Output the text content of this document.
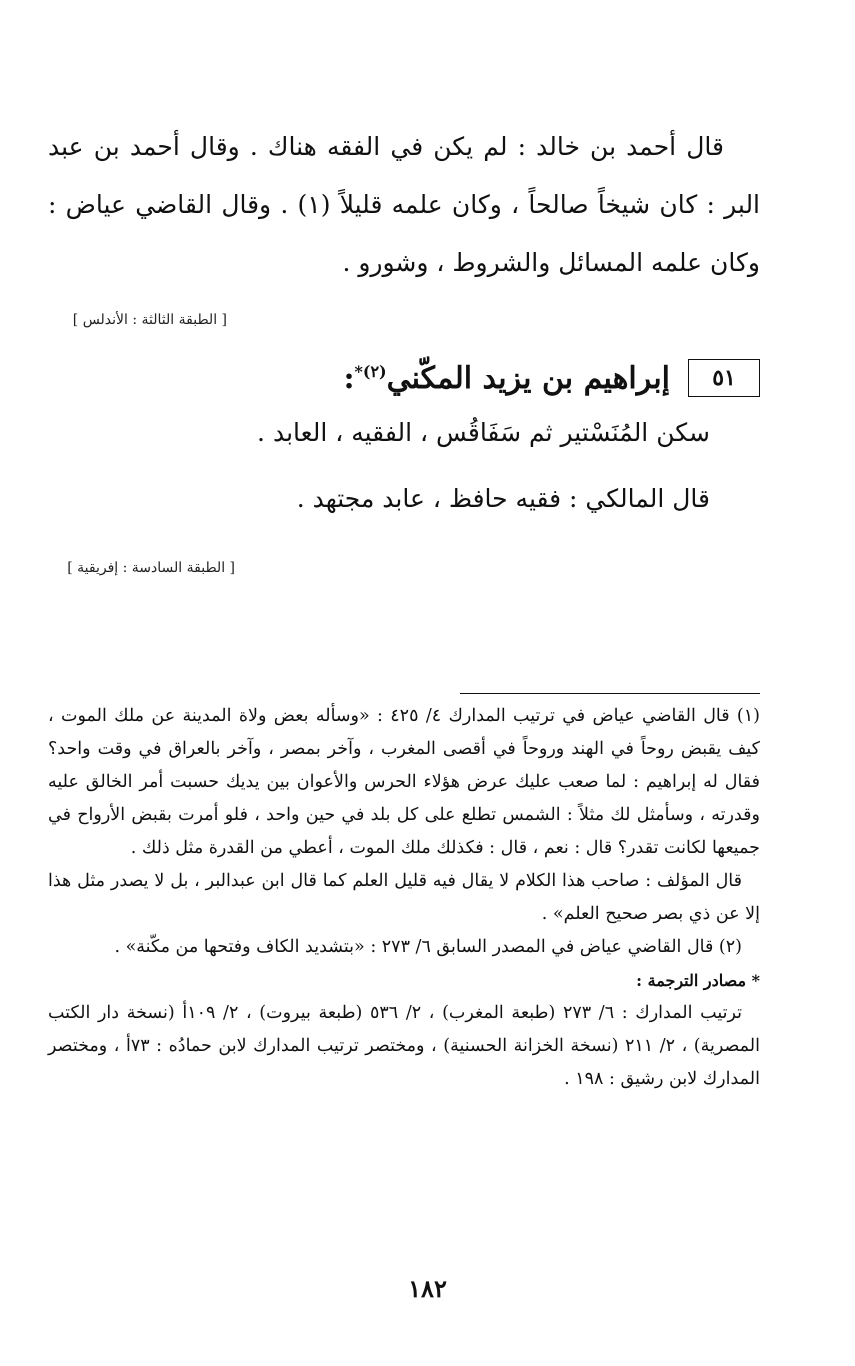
قال أحمد بن خالد : لم يكن في الفقه هناك . وقال أحمد بن عبد البر : كان شيخاً صالحاً ، وكان علمه قليلاً (١) . وقال القاضي عياض : وكان علمه المسائل والشروط ، وشورو .

[ الطبقة الثالثة : الأندلس ]
٥١
إبراهيم بن يزيد المكّني$^{(٢)*}$:
سكن المُنَسْتير ثم سَفَاقُس ، الفقيه ، العابد .
قال المالكي : فقيه حافظ ، عابد مجتهد .
[ الطبقة السادسة : إفريقية ]

(١) قال القاضي عياض في ترتيب المدارك ٤/ ٤٢٥ : «وسأله بعض ولاة المدينة عن ملك الموت ، كيف يقبض روحاً في الهند وروحاً في أقصى المغرب ، وآخر بمصر ، وآخر بالعراق في وقت واحد؟ فقال له إبراهيم : لما صعب عليك عرض هؤلاء الحرس والأعوان بين يديك حسبت أمر الخالق عليه وقدرته ، وسأمثل لك مثلاً : الشمس تطلع على كل بلد في حين واحد ، فلو أمرت بقبض الأرواح في جميعها لكانت تقدر؟ قال : نعم ، قال : فكذلك ملك الموت ، أعطي من القدرة مثل ذلك .

قال المؤلف : صاحب هذا الكلام لا يقال فيه قليل العلم كما قال ابن عبدالبر ، بل لا يصدر مثل هذا إلا عن ذي بصر صحيح العلم» .

(٢) قال القاضي عياض في المصدر السابق ٦/ ٢٧٣ : «بتشديد الكاف وفتحها من مكّنة» .

* مصادر الترجمة :

ترتيب المدارك : ٦/ ٢٧٣ (طبعة المغرب) ، ٢/ ٥٣٦ (طبعة بيروت) ، ٢/ ١٠٩أ (نسخة دار الكتب المصرية) ، ٢/ ٢١١ (نسخة الخزانة الحسنية) ، ومختصر ترتيب المدارك لابن حمادُه : ٧٣أ ، ومختصر المدارك لابن رشيق : ١٩٨ .

١٨٢
